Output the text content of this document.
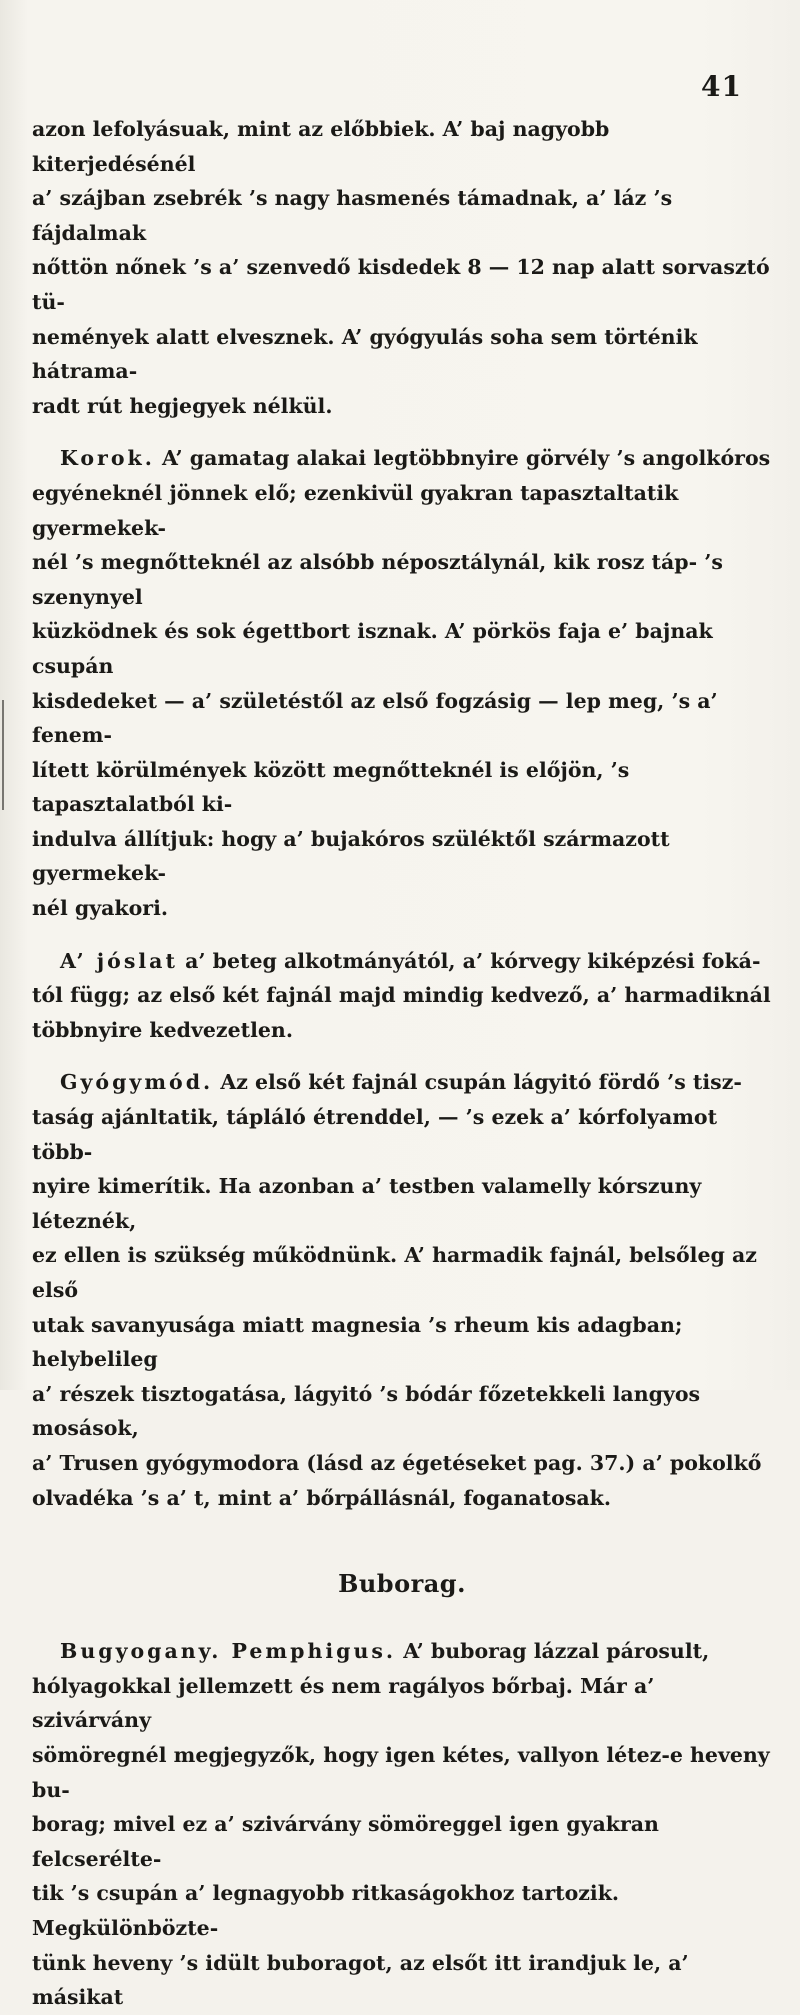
41

azon lefolyásuak, mint az előbbiek. A’ baj nagyobb kiterjedésénél
a’ szájban zsebrék ’s nagy hasmenés támadnak, a’ láz ’s fájdalmak
nőttön nőnek ’s a’ szenvedő kisdedek 8 — 12 nap alatt sorvasztó tü-
nemények alatt elvesznek. A’ gyógyulás soha sem történik hátrama-
radt rút hegjegyek nélkül.

Korok. A’ gamatag alakai legtöbbnyire görvély ’s angolkóros
egyéneknél jönnek elő; ezenkivül gyakran tapasztaltatik gyermekek-
nél ’s megnőtteknél az alsóbb néposztálynál, kik rosz táp- ’s szenynyel
küzködnek és sok égettbort isznak. A’ pörkös faja e’ bajnak csupán
kisdedeket — a’ születéstől az első fogzásig — lep meg, ’s a’ fenem-
lített körülmények között megnőtteknél is előjön, ’s tapasztalatból ki-
indulva állítjuk: hogy a’ bujakóros szüléktől származott gyermekek-
nél gyakori.

A’ jóslat a’ beteg alkotmányától, a’ kórvegy kiképzési foká-
tól függ; az első két fajnál majd mindig kedvező, a’ harmadiknál
többnyire kedvezetlen.

Gyógymód. Az első két fajnál csupán lágyitó fördő ’s tisz-
taság ajánltatik, tápláló étrenddel, — ’s ezek a’ kórfolyamot több-
nyire kimerítik. Ha azonban a’ testben valamelly kórszuny léteznék,
ez ellen is szükség működnünk. A’ harmadik fajnál, belsőleg az első
utak savanyusága miatt magnesia ’s rheum kis adagban; helybelileg
a’ részek tisztogatása, lágyitó ’s bódár főzetekkeli langyos mosások,
a’ Trusen gyógymodora (lásd az égetéseket pag. 37.) a’ pokolkő
olvadéka ’s a’ t, mint a’ bőrpállásnál, foganatosak.

Buborag.

Bugyogany. Pemphigus. A’ buborag lázzal párosult,
hólyagokkal jellemzett és nem ragályos bőrbaj. Már a’ szivárvány
sömöregnél megjegyzők, hogy igen kétes, vallyon létez-e heveny bu-
borag; mivel ez a’ szivárvány sömöreggel igen gyakran felcserélte-
tik ’s csupán a’ legnagyobb ritkaságokhoz tartozik. Megkülönbözte-
tünk heveny ’s idült buboragot, az elsőt itt irandjuk le, a’ másikat
